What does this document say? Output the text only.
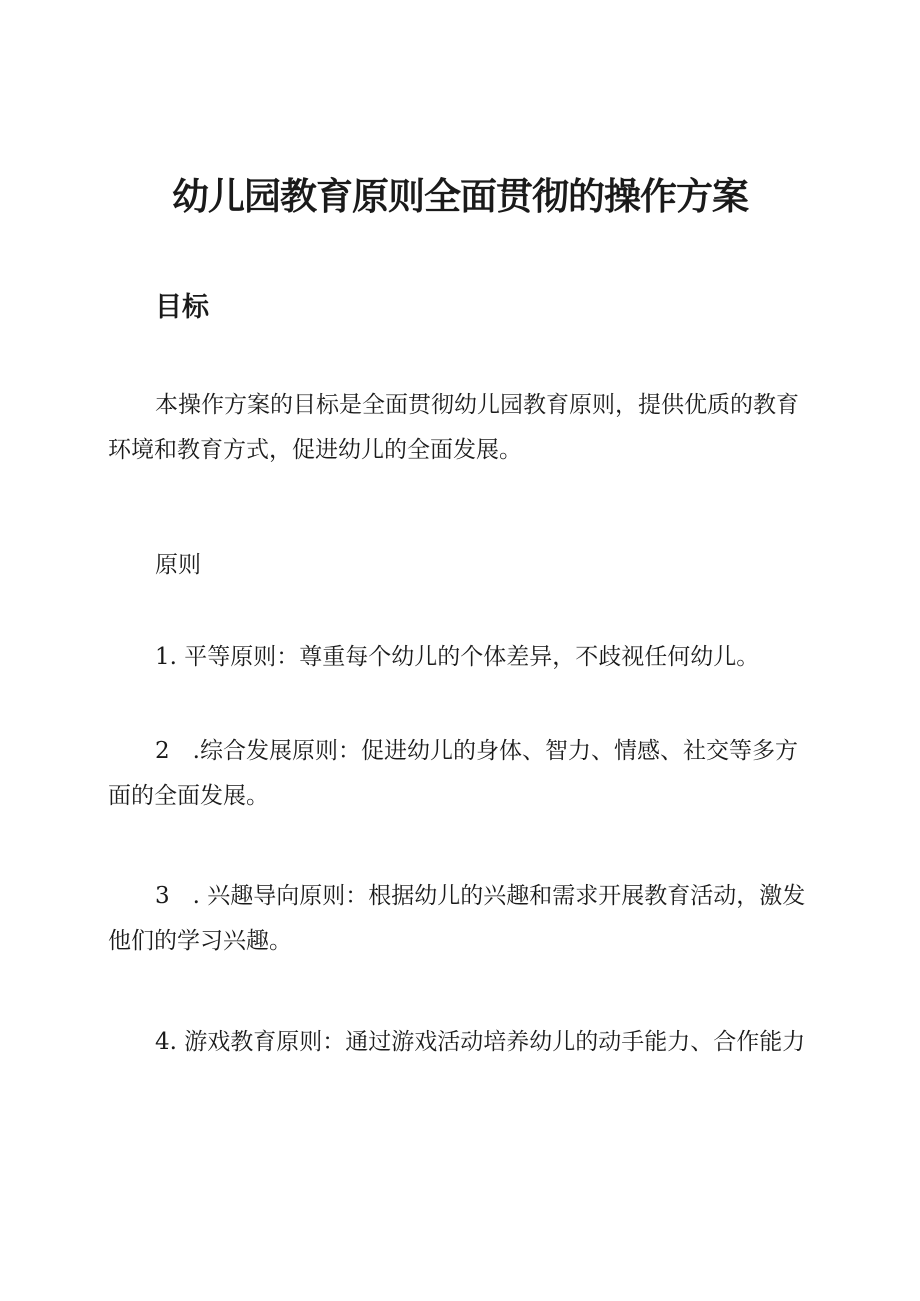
幼儿园教育原则全面贯彻的操作方案
目标

本操作方案的目标是全面贯彻幼儿园教育原则，提供优质的教育环境和教育方式，促进幼儿的全面发展。

原则

1. 平等原则：尊重每个幼儿的个体差异，不歧视任何幼儿。

2　.综合发展原则：促进幼儿的身体、智力、情感、社交等多方面的全面发展。

3　. 兴趣导向原则：根据幼儿的兴趣和需求开展教育活动，激发他们的学习兴趣。

4. 游戏教育原则：通过游戏活动培养幼儿的动手能力、合作能力
